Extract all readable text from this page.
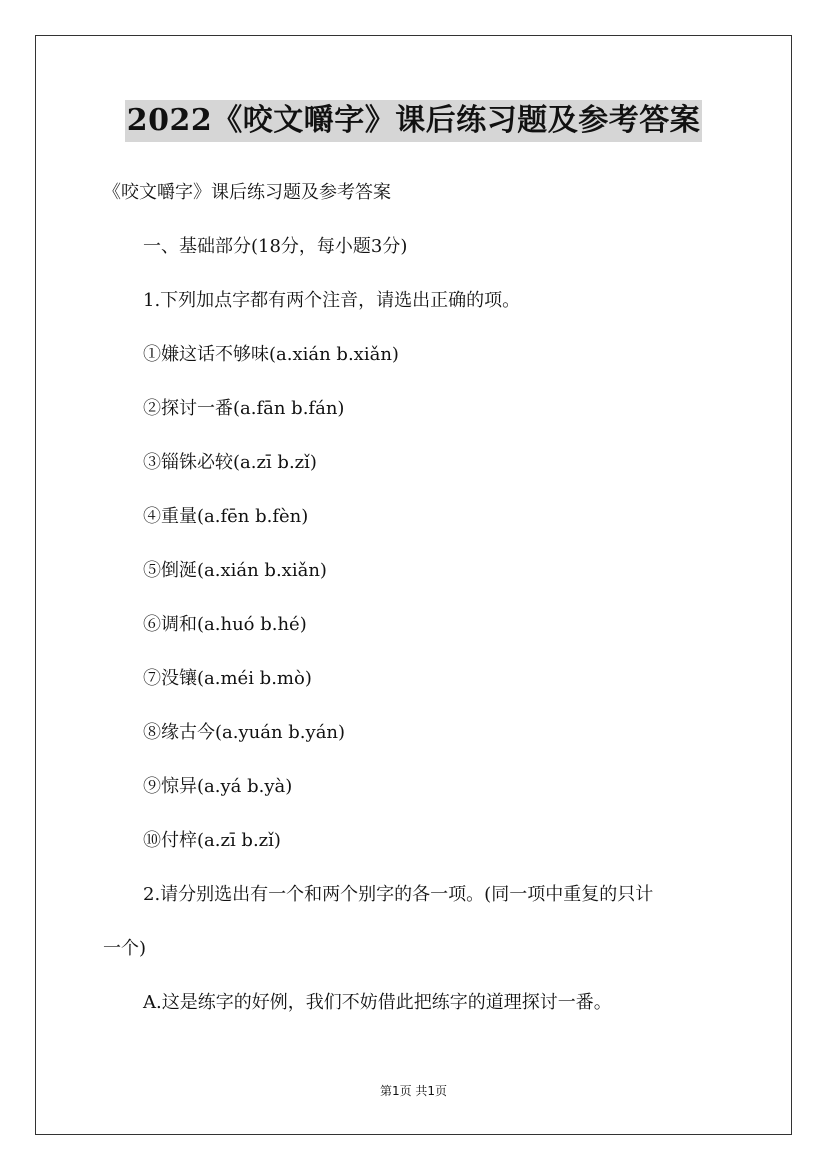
2022《咬文嚼字》课后练习题及参考答案
《咬文嚼字》课后练习题及参考答案
一、基础部分(18分，每小题3分)
1.下列加点字都有两个注音，请选出正确的项。
①嫌这话不够味(a.xián b.xiǎn)
②探讨一番(a.fān b.fán)
③锱铢必较(a.zī b.zǐ)
④重量(a.fēn b.fèn)
⑤倒涎(a.xián b.xiǎn)
⑥调和(a.huó b.hé)
⑦没镶(a.méi b.mò)
⑧缘古今(a.yuán b.yán)
⑨惊异(a.yá b.yà)
⑩付梓(a.zī b.zǐ)
2.请分别选出有一个和两个别字的各一项。(同一项中重复的只计
一个)
A.这是练字的好例，我们不妨借此把练字的道理探讨一番。
第1页 共1页
